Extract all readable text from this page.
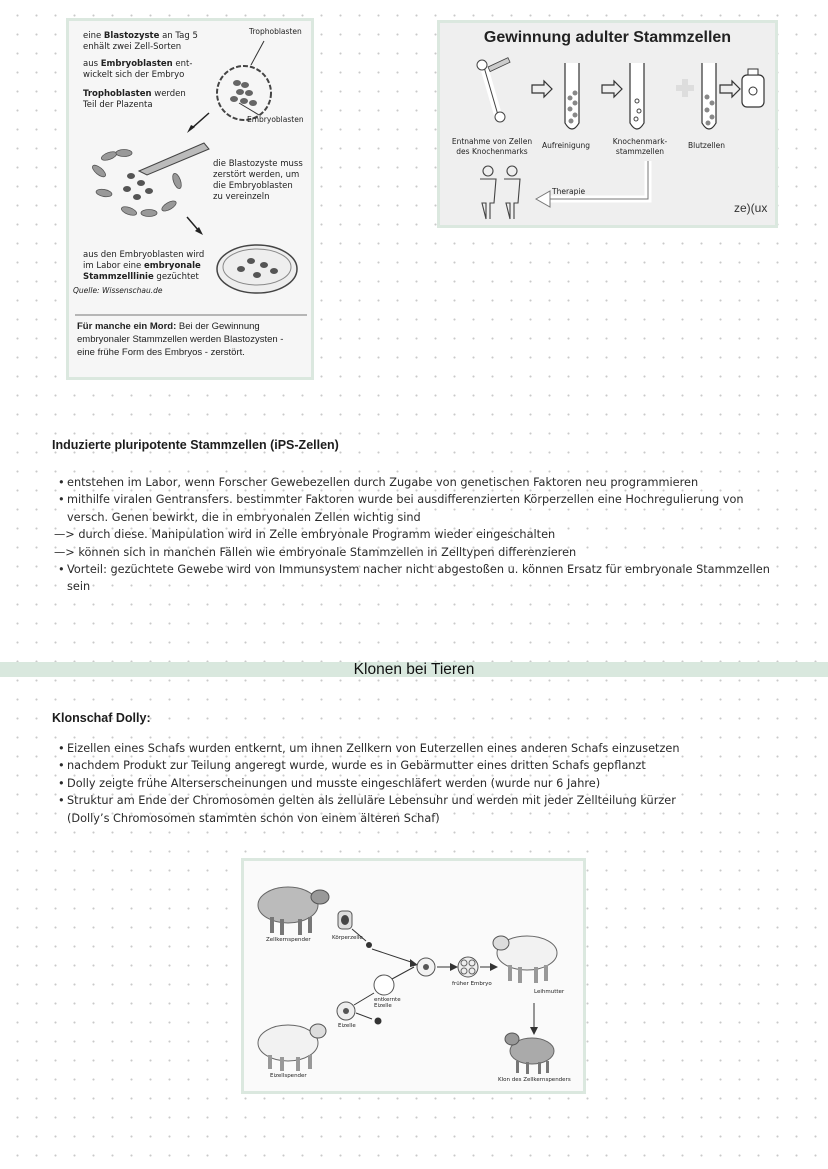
eine Blastozyste an Tag 5
enhält zwei Zell-Sorten
aus Embryoblasten ent-
wickelt sich der Embryo
Trophoblasten werden
Teil der Plazenta
Trophoblasten
Embryoblasten
die Blastozyste muss
zerstört werden, um
die Embryoblasten
zu vereinzeln
aus den Embryoblasten wird
im Labor eine embryonale
Stammzelllinie gezüchtet
Quelle: Wissenschau.de
Für manche ein Mord: Bei der Gewinnung embryonaler Stammzellen werden Blastozysten - eine frühe Form des Embryos - zerstört.
Gewinnung adulter Stammzellen
Entnahme von Zellen
des Knochenmarks
Aufreinigung	Knochenmark-
stammzellen
Blutzellen
Therapie
ze)(ux
Induzierte pluripotente Stammzellen (iPS-Zellen)
• entstehen im Labor, wenn Forscher Gewebezellen durch Zugabe von genetischen Faktoren neu programmieren
• mithilfe viralen Gentransfers. bestimmter Faktoren wurde bei ausdifferenzierten Körperzellen eine Hochregulierung von
versch. Genen bewirkt, die in embryonalen Zellen wichtig sind
—> durch diese. Manipulation wird in Zelle embryonale Programm wieder eingeschalten
—> können sich in manchen Fällen wie embryonale Stammzellen in Zelltypen differenzieren
• Vorteil: gezüchtete Gewebe wird von Immunsystem nacher nicht abgestoßen u. können Ersatz für embryonale Stammzellen
sein
Klonen bei Tieren
Klonschaf Dolly:
• Eizellen eines Schafs wurden entkernt, um ihnen Zellkern von Euterzellen eines anderen Schafs einzusetzen
• nachdem Produkt zur Teilung angeregt wurde, wurde es in Gebärmutter eines dritten Schafs gepflanzt
• Dolly zeigte frühe Alterserscheinungen und musste eingeschläfert werden (wurde nur 6 Jahre)
• Struktur am Ende der Chromosomen gelten als zelluläre Lebensuhr und werden mit jeder Zellteilung kürzer
(Dolly’s Chromosomen stammten schon von einem älteren Schaf)
Zellkernspender	Körperzelle
entkernte
Eizelle
Eizelle
früher Embryo
Leihmutter
Eizellspender
Klon des Zellkernspenders
